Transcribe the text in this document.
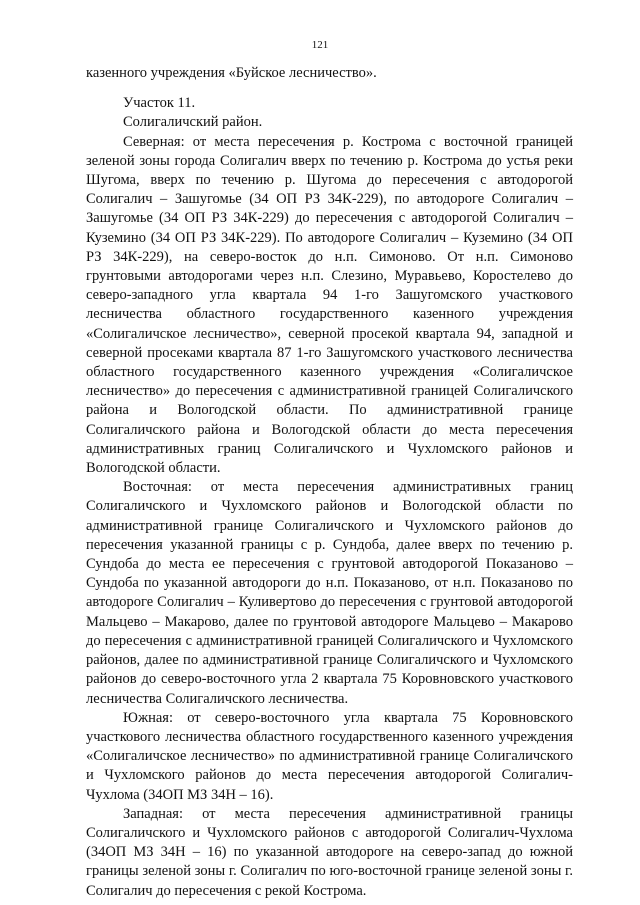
121

казенного учреждения «Буйское лесничество».

Участок 11.

Солигаличский район.

Северная: от места пересечения р. Кострома с восточной границей зеленой зоны города Солигалич вверх по течению р. Кострома до устья реки Шугома, вверх по течению р. Шугома до пересечения с автодорогой Солигалич – Зашугомье (34 ОП РЗ 34К-229), по автодороге Солигалич – Зашугомье (34 ОП РЗ 34К-229) до пересечения с автодорогой Солигалич – Куземино (34 ОП РЗ 34К-229). По автодороге Солигалич – Куземино (34 ОП РЗ 34К-229), на северо-восток до н.п. Симоново. От н.п. Симоново грунтовыми автодорогами через н.п. Слезино, Муравьево, Коростелево до северо-западного угла квартала 94 1-го Зашугомского участкового лесничества областного государственного казенного учреждения «Солигаличское лесничество», северной просекой квартала 94, западной и северной просеками квартала 87 1-го Зашугомского участкового лесничества областного государственного казенного учреждения «Солигаличское лесничество» до пересечения с административной границей Солигаличского района и Вологодской области. По административной границе Солигаличского района и Вологодской области до места пересечения административных границ Солигаличского и Чухломского районов и Вологодской области.

Восточная: от места пересечения административных границ Солигаличского и Чухломского районов и Вологодской области по административной границе Солигаличского и Чухломского районов до пересечения указанной границы с р. Сундоба, далее вверх по течению р. Сундоба до места ее пересечения с грунтовой автодорогой Показаново – Сундоба по указанной автодороги до н.п. Показаново, от н.п. Показаново по автодороге Солигалич – Куливертово до пересечения с грунтовой автодорогой Мальцево – Макарово, далее по грунтовой автодороге Мальцево – Макарово до пересечения с административной границей Солигаличского и Чухломского районов, далее по административной границе Солигаличского и Чухломского районов до северо-восточного угла 2 квартала 75 Коровновского участкового лесничества Солигаличского лесничества.

Южная: от северо-восточного угла квартала 75 Коровновского участкового лесничества областного государственного казенного учреждения «Солигаличское лесничество» по административной границе Солигаличского и Чухломского районов до места пересечения автодорогой Солигалич-Чухлома (34ОП МЗ 34Н – 16).

Западная: от места пересечения административной границы Солигаличского и Чухломского районов с автодорогой Солигалич-Чухлома (34ОП МЗ 34Н – 16) по указанной автодороге на северо-запад до южной границы зеленой зоны г. Солигалич по юго-восточной границе зеленой зоны г. Солигалич до пересечения с рекой Кострома.
